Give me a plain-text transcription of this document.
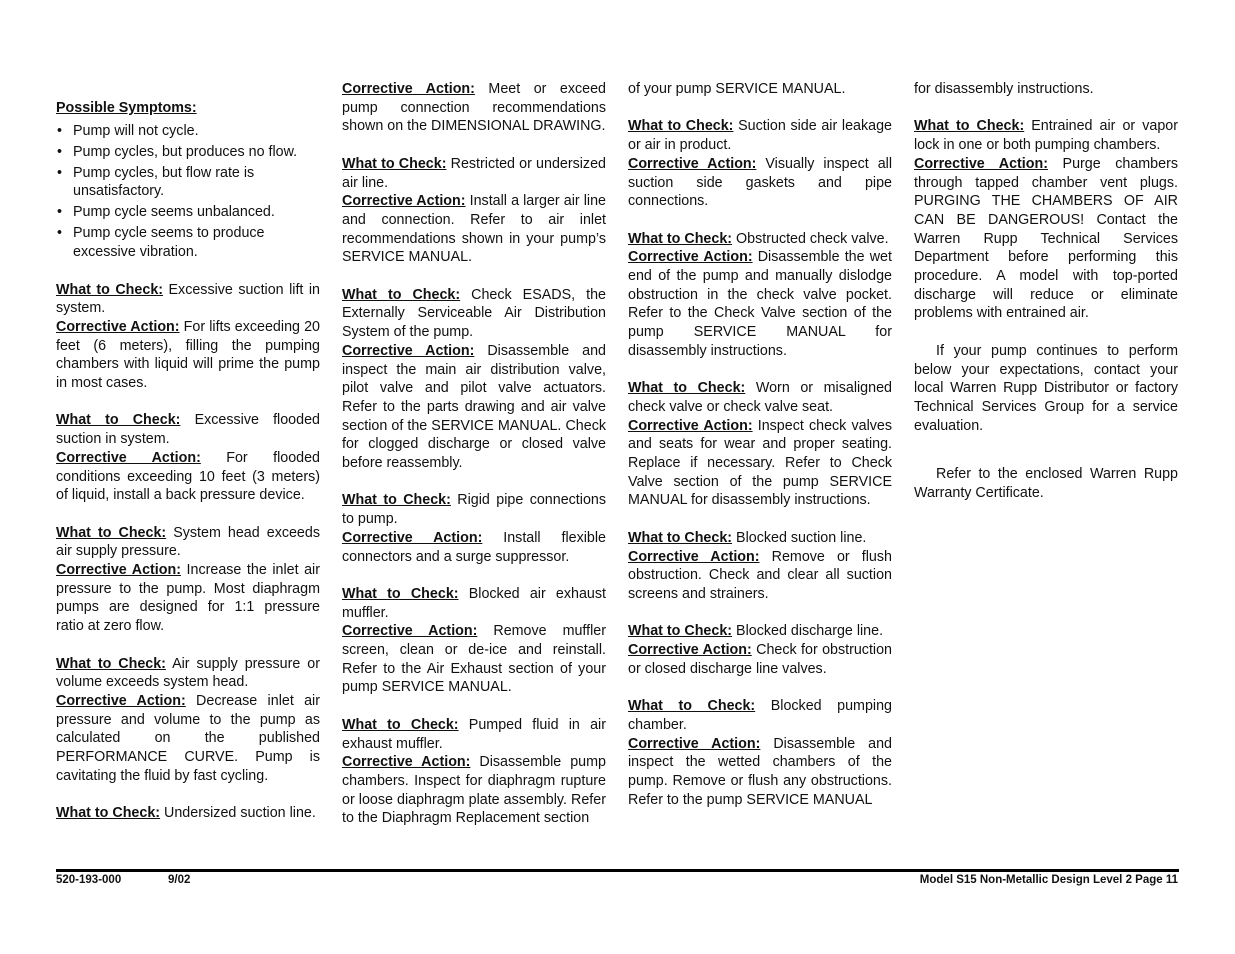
Possible Symptoms:
• Pump will not cycle.
• Pump cycles, but produces no flow.
• Pump cycles, but flow rate is unsatisfactory.
• Pump cycle seems unbalanced.
• Pump cycle seems to produce excessive vibration.

What to Check: Excessive suction lift in system.
Corrective Action: For lifts exceeding 20 feet (6 meters), filling the pumping chambers with liquid will prime the pump in most cases.

What to Check: Excessive flooded suction in system.
Corrective Action: For flooded conditions exceeding 10 feet (3 meters) of liquid, install a back pressure device.

What to Check: System head exceeds air supply pressure.
Corrective Action: Increase the inlet air pressure to the pump. Most diaphragm pumps are designed for 1:1 pressure ratio at zero flow.

What to Check: Air supply pressure or volume exceeds system head.
Corrective Action: Decrease inlet air pressure and volume to the pump as calculated on the published PERFORMANCE CURVE. Pump is cavitating the fluid by fast cycling.

What to Check: Undersized suction line.

Corrective Action: Meet or exceed pump connection recommendations shown on the DIMENSIONAL DRAWING.

What to Check: Restricted or undersized air line.
Corrective Action: Install a larger air line and connection. Refer to air inlet recommendations shown in your pump’s SERVICE MANUAL.

What to Check: Check ESADS, the Externally Serviceable Air Distribution System of the pump.
Corrective Action: Disassemble and inspect the main air distribution valve, pilot valve and pilot valve actuators. Refer to the parts drawing and air valve section of the SERVICE MANUAL. Check for clogged discharge or closed valve before reassembly.

What to Check: Rigid pipe connections to pump.
Corrective Action: Install flexible connectors and a surge suppressor.

What to Check: Blocked air exhaust muffler.
Corrective Action: Remove muffler screen, clean or de-ice and reinstall. Refer to the Air Exhaust section of your pump SERVICE MANUAL.

What to Check: Pumped fluid in air exhaust muffler.
Corrective Action: Disassemble pump chambers. Inspect for diaphragm rupture or loose diaphragm plate assembly. Refer to the Diaphragm Replacement section

of your pump SERVICE MANUAL.

What to Check: Suction side air leakage or air in product.
Corrective Action: Visually inspect all suction side gaskets and pipe connections.

What to Check: Obstructed check valve.
Corrective Action: Disassemble the wet end of the pump and manually dislodge obstruction in the check valve pocket. Refer to the Check Valve section of the pump SERVICE MANUAL for disassembly instructions.

What to Check: Worn or misaligned check valve or check valve seat.
Corrective Action: Inspect check valves and seats for wear and proper seating. Replace if necessary. Refer to Check Valve section of the pump SERVICE MANUAL for disassembly instructions.

What to Check: Blocked suction line.
Corrective Action: Remove or flush obstruction. Check and clear all suction screens and strainers.

What to Check: Blocked discharge line.
Corrective Action: Check for obstruction or closed discharge line valves.

What to Check: Blocked pumping chamber.
Corrective Action: Disassemble and inspect the wetted chambers of the pump. Remove or flush any obstructions. Refer to the pump SERVICE MANUAL

for disassembly instructions.

What to Check: Entrained air or vapor lock in one or both pumping chambers.
Corrective Action: Purge chambers through tapped chamber vent plugs. PURGING THE CHAMBERS OF AIR CAN BE DANGEROUS! Contact the Warren Rupp Technical Services Department before performing this procedure. A model with top-ported discharge will reduce or eliminate problems with entrained air.

If your pump continues to perform below your expectations, contact your local Warren Rupp Distributor or factory Technical Services Group for a service evaluation.

Refer to the enclosed Warren Rupp Warranty Certificate.

520-193-000	9/02	Model S15 Non-Metallic Design Level 2 Page 11
